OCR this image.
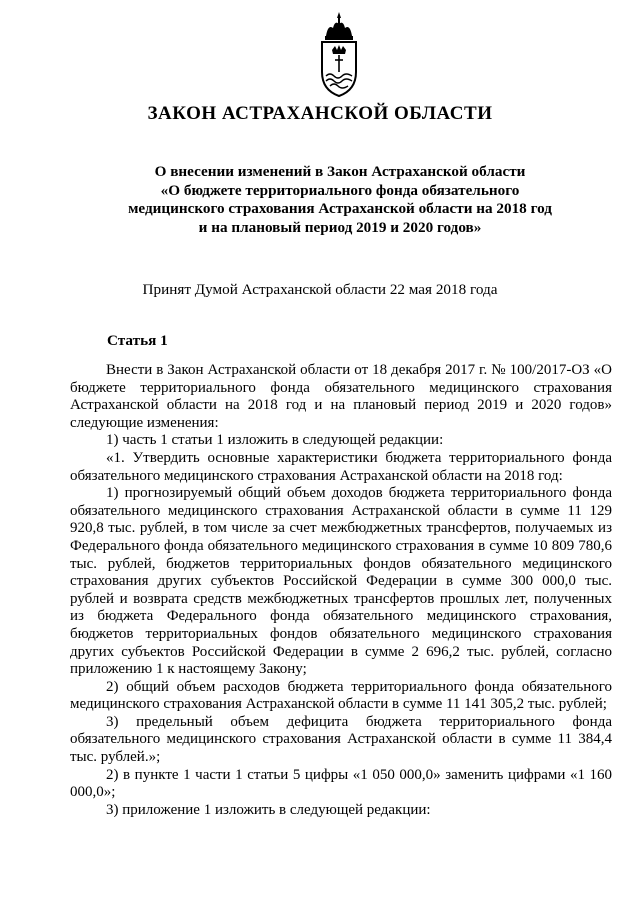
ЗАКОН АСТРАХАНСКОЙ ОБЛАСТИ
О внесении изменений в Закон Астраханской области
«О бюджете территориального фонда обязательного
медицинского страхования Астраханской области на 2018 год
и на плановый период 2019 и 2020 годов»
Принят Думой Астраханской области 22 мая 2018 года
Статья 1

Внести в Закон Астраханской области от 18 декабря 2017 г. № 100/2017-ОЗ «О бюджете территориального фонда обязательного медицинского страхования Астраханской области на 2018 год и на плановый период 2019 и 2020 годов» следующие изменения:

1) часть 1 статьи 1 изложить в следующей редакции:

«1. Утвердить основные характеристики бюджета территориального фонда обязательного медицинского страхования Астраханской области на 2018 год:

1) прогнозируемый общий объем доходов бюджета территориального фонда обязательного медицинского страхования Астраханской области в сумме 11 129 920,8 тыс. рублей, в том числе за счет межбюджетных трансфертов, получаемых из Федерального фонда обязательного медицинского страхования в сумме 10 809 780,6 тыс. рублей, бюджетов территориальных фондов обязательного медицинского страхования других субъектов Российской Федерации в сумме 300 000,0 тыс. рублей и возврата средств межбюджетных трансфертов прошлых лет, полученных из бюджета Федерального фонда обязательного медицинского страхования, бюджетов территориальных фондов обязательного медицинского страхования других субъектов Российской Федерации в сумме 2 696,2 тыс. рублей, согласно приложению 1 к настоящему Закону;

2) общий объем расходов бюджета территориального фонда обязательного медицинского страхования Астраханской области в сумме 11 141 305,2 тыс. рублей;

3) предельный объем дефицита бюджета территориального фонда обязательного медицинского страхования Астраханской области в сумме 11 384,4 тыс. рублей.»;

2) в пункте 1 части 1 статьи 5 цифры «1 050 000,0» заменить цифрами «1 160 000,0»;

3) приложение 1 изложить в следующей редакции:
